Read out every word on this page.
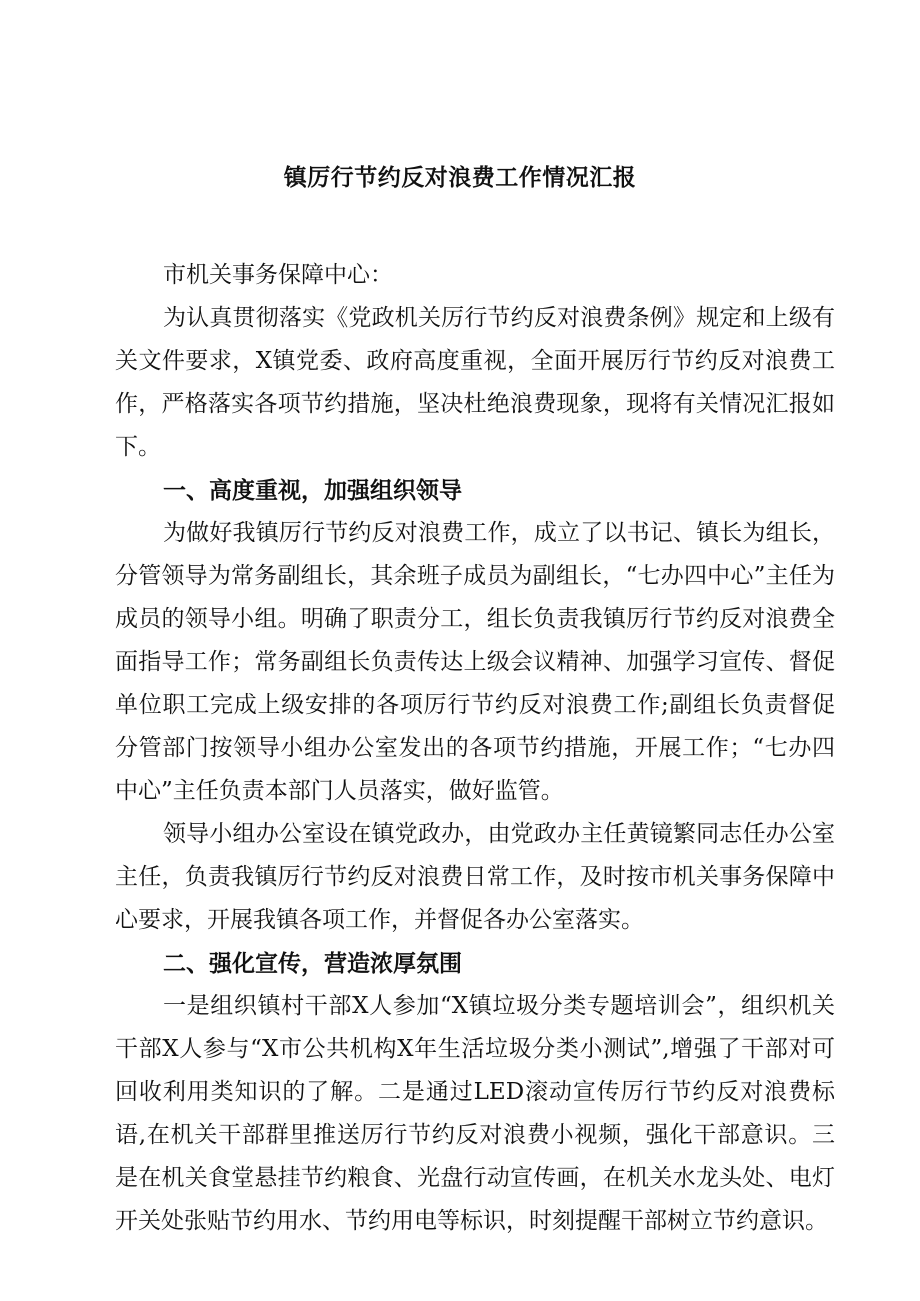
镇厉行节约反对浪费工作情况汇报

市机关事务保障中心：

为认真贯彻落实《党政机关厉行节约反对浪费条例》规定和上级有关文件要求，X镇党委、政府高度重视，全面开展厉行节约反对浪费工作，严格落实各项节约措施，坚决杜绝浪费现象，现将有关情况汇报如下。

一、高度重视，加强组织领导

为做好我镇厉行节约反对浪费工作，成立了以书记、镇长为组长，分管领导为常务副组长，其余班子成员为副组长，“七办四中心”主任为成员的领导小组。明确了职责分工，组长负责我镇厉行节约反对浪费全面指导工作；常务副组长负责传达上级会议精神、加强学习宣传、督促单位职工完成上级安排的各项厉行节约反对浪费工作;副组长负责督促分管部门按领导小组办公室发出的各项节约措施，开展工作；“七办四中心”主任负责本部门人员落实，做好监管。

领导小组办公室设在镇党政办，由党政办主任黄镜繁同志任办公室主任，负责我镇厉行节约反对浪费日常工作，及时按市机关事务保障中心要求，开展我镇各项工作，并督促各办公室落实。

二、强化宣传，营造浓厚氛围

一是组织镇村干部X人参加“X镇垃圾分类专题培训会”，组织机关干部X人参与“X市公共机构X年生活垃圾分类小测试”,增强了干部对可回收利用类知识的了解。二是通过LED滚动宣传厉行节约反对浪费标语,在机关干部群里推送厉行节约反对浪费小视频，强化干部意识。三是在机关食堂悬挂节约粮食、光盘行动宣传画，在机关水龙头处、电灯开关处张贴节约用水、节约用电等标识，时刻提醒干部树立节约意识。
